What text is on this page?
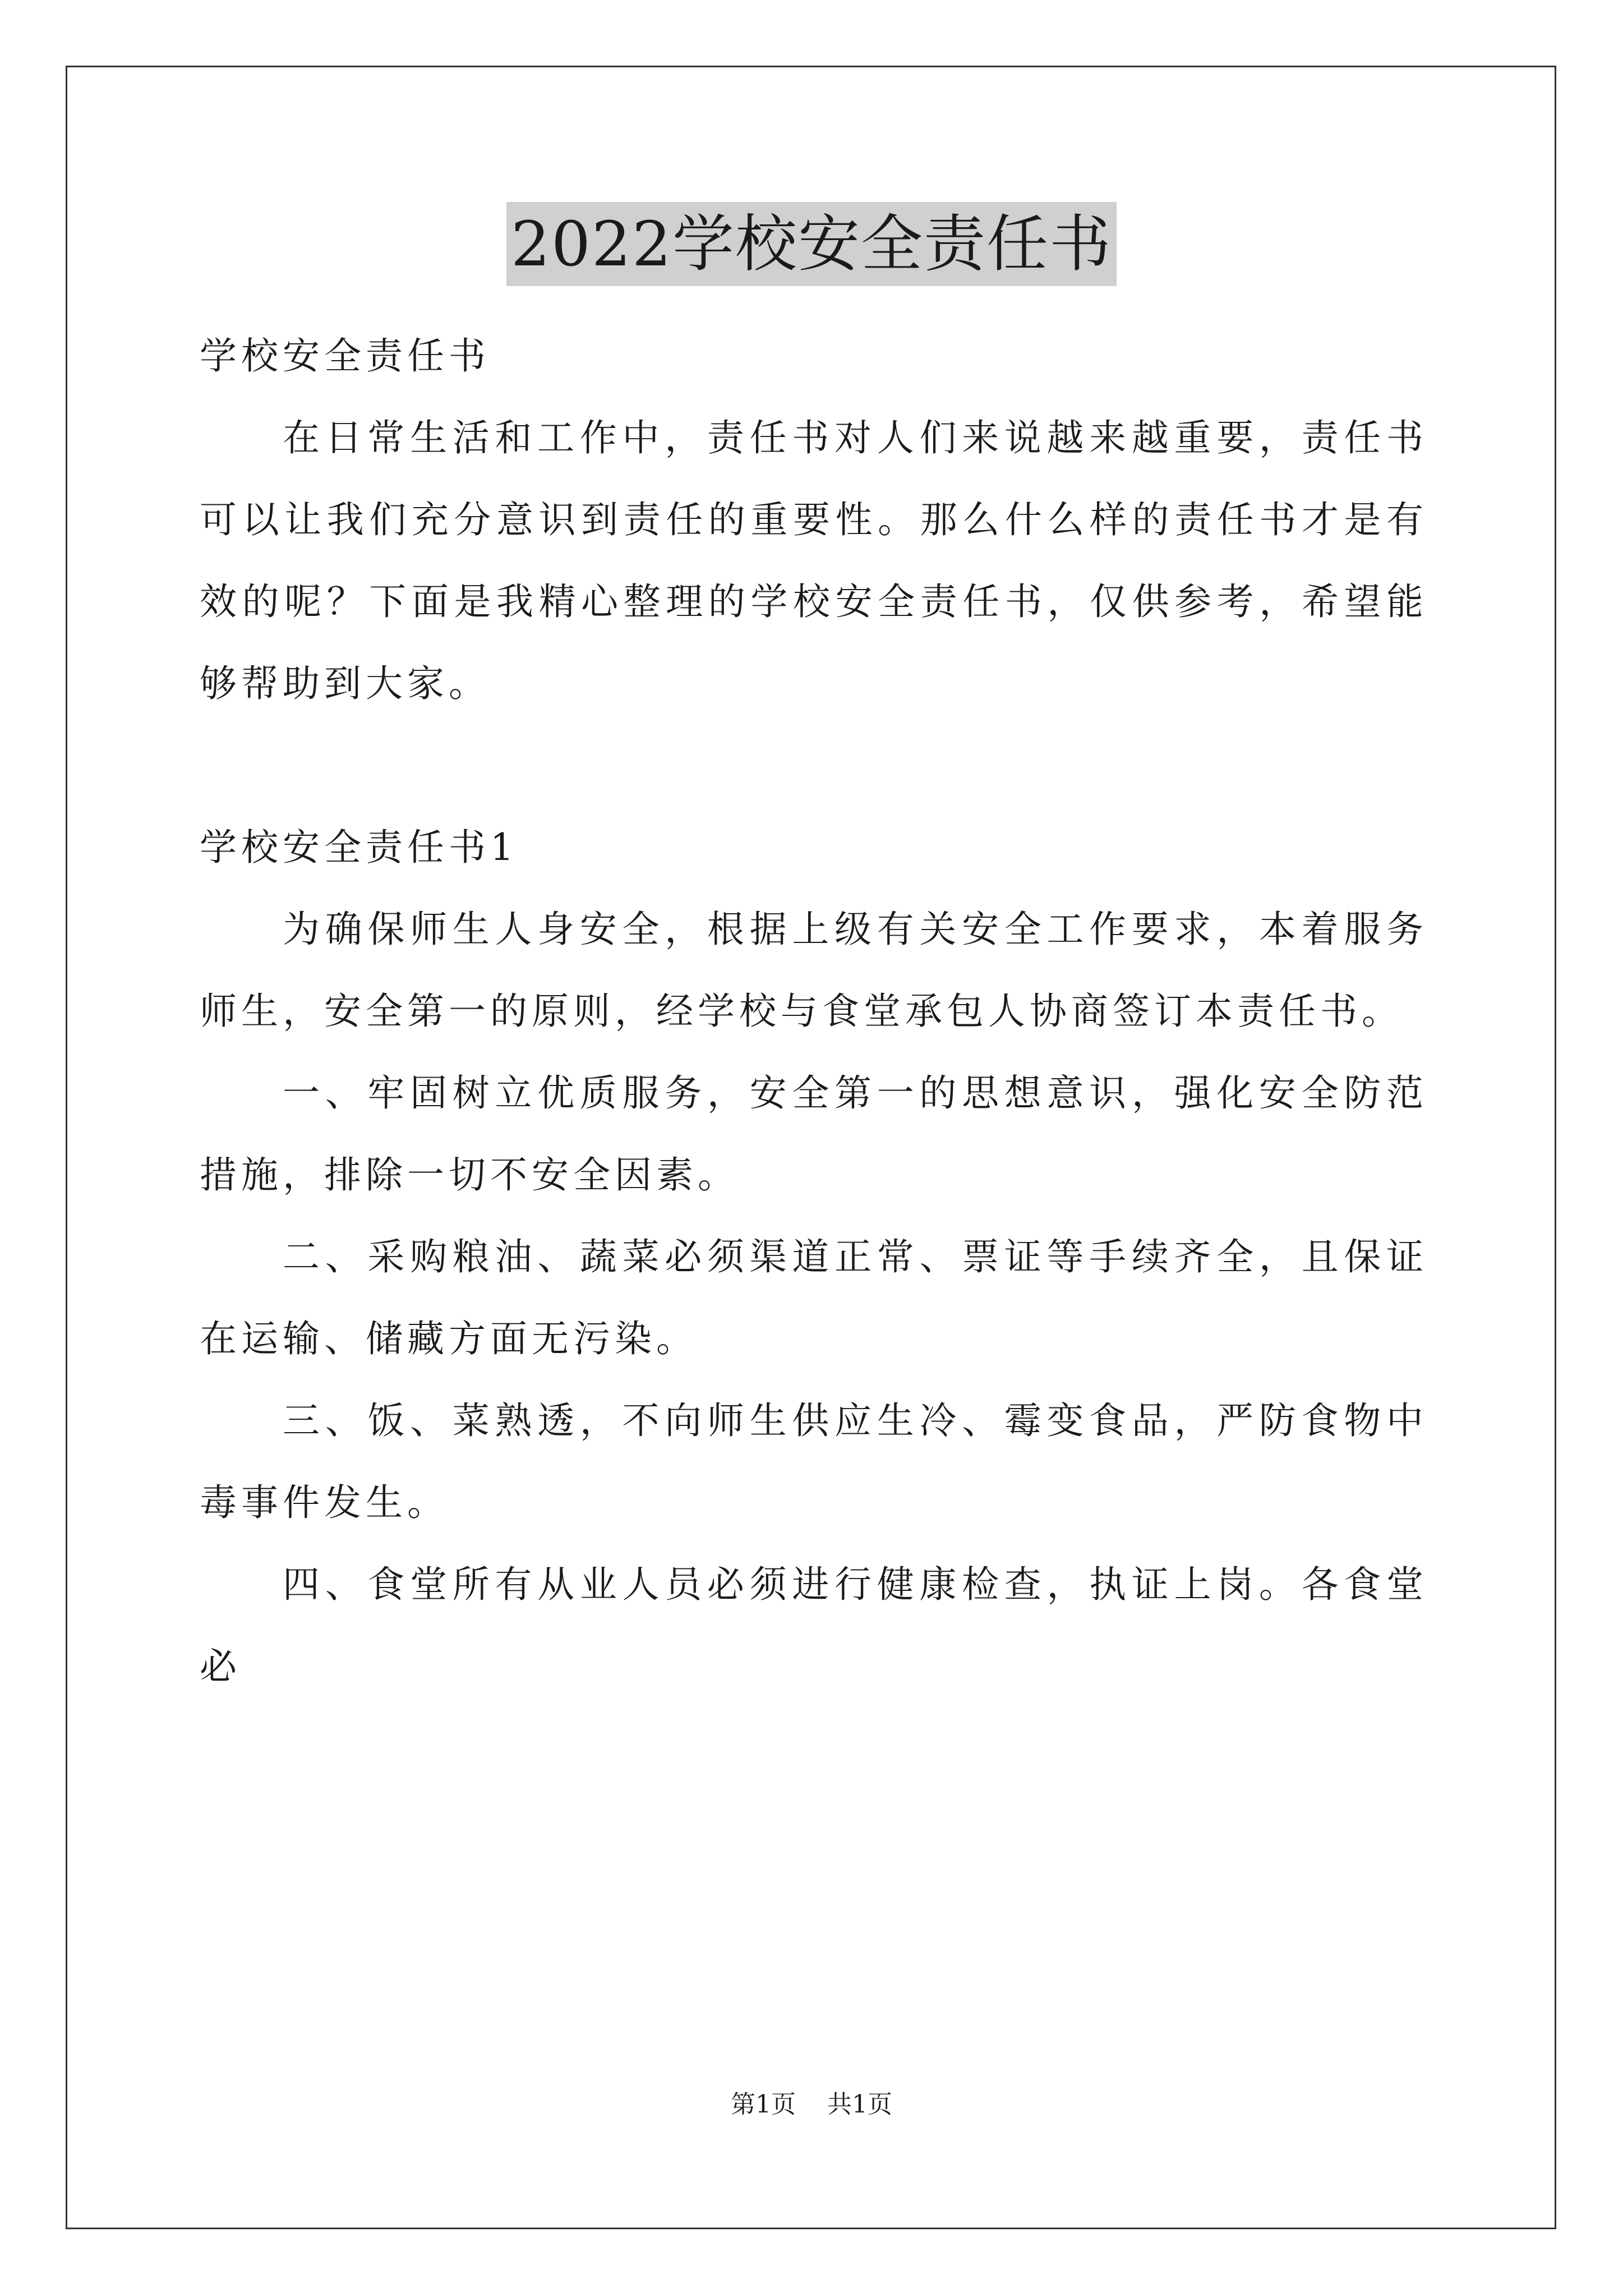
2022学校安全责任书

学校安全责任书

在日常生活和工作中，责任书对人们来说越来越重要，责任书可以让我们充分意识到责任的重要性。那么什么样的责任书才是有效的呢？下面是我精心整理的学校安全责任书，仅供参考，希望能够帮助到大家。

学校安全责任书1

为确保师生人身安全，根据上级有关安全工作要求，本着服务师生，安全第一的原则，经学校与食堂承包人协商签订本责任书。

一、牢固树立优质服务，安全第一的思想意识，强化安全防范措施，排除一切不安全因素。

二、采购粮油、蔬菜必须渠道正常、票证等手续齐全，且保证在运输、储藏方面无污染。

三、饭、菜熟透，不向师生供应生冷、霉变食品，严防食物中毒事件发生。

四、食堂所有从业人员必须进行健康检查，执证上岗。各食堂必

第1页 共1页
